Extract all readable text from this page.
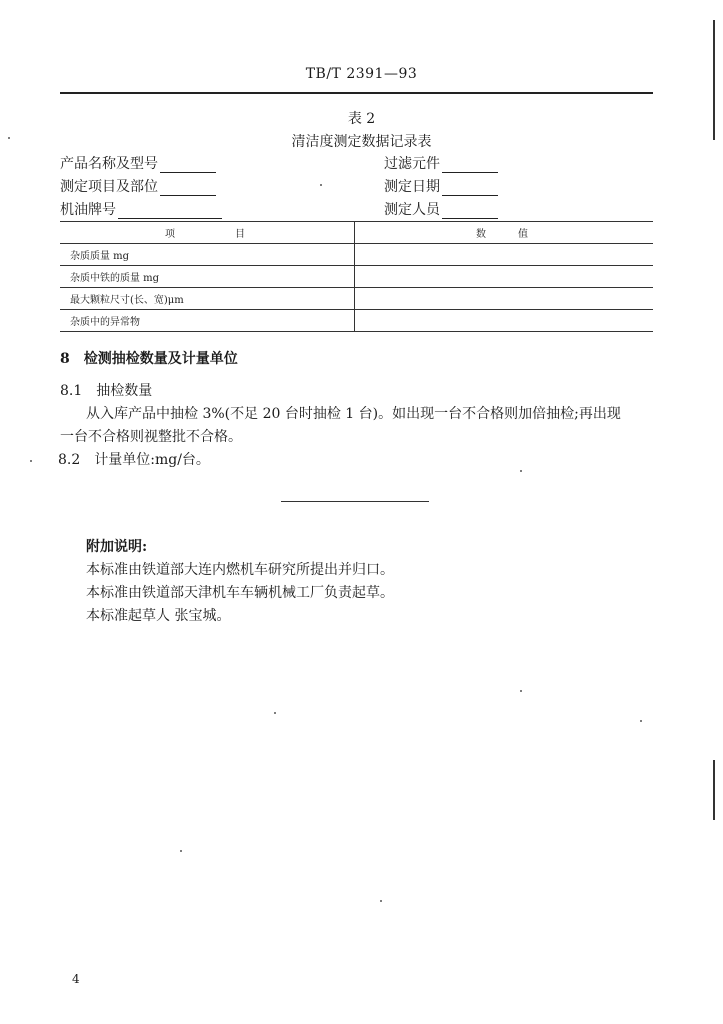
TB/T 2391—93
表 2
清洁度测定数据记录表
产品名称及型号	过滤元件
测定项目及部位	测定日期
机油牌号	测定人员
项　　　　目	数　　值
杂质质量 mg	
杂质中铁的质量 mg	
最大颗粒尺寸(长、宽)μm	
杂质中的异常物	
8　检测抽检数量及计量单位
8.1　抽检数量
从入库产品中抽检 3%(不足 20 台时抽检 1 台)。如出现一台不合格则加倍抽检;再出现
一台不合格则视整批不合格。
8.2　计量单位:mg/台。
附加说明:
本标准由铁道部大连内燃机车研究所提出并归口。
本标准由铁道部天津机车车辆机械工厂负责起草。
本标准起草人 张宝城。
4
